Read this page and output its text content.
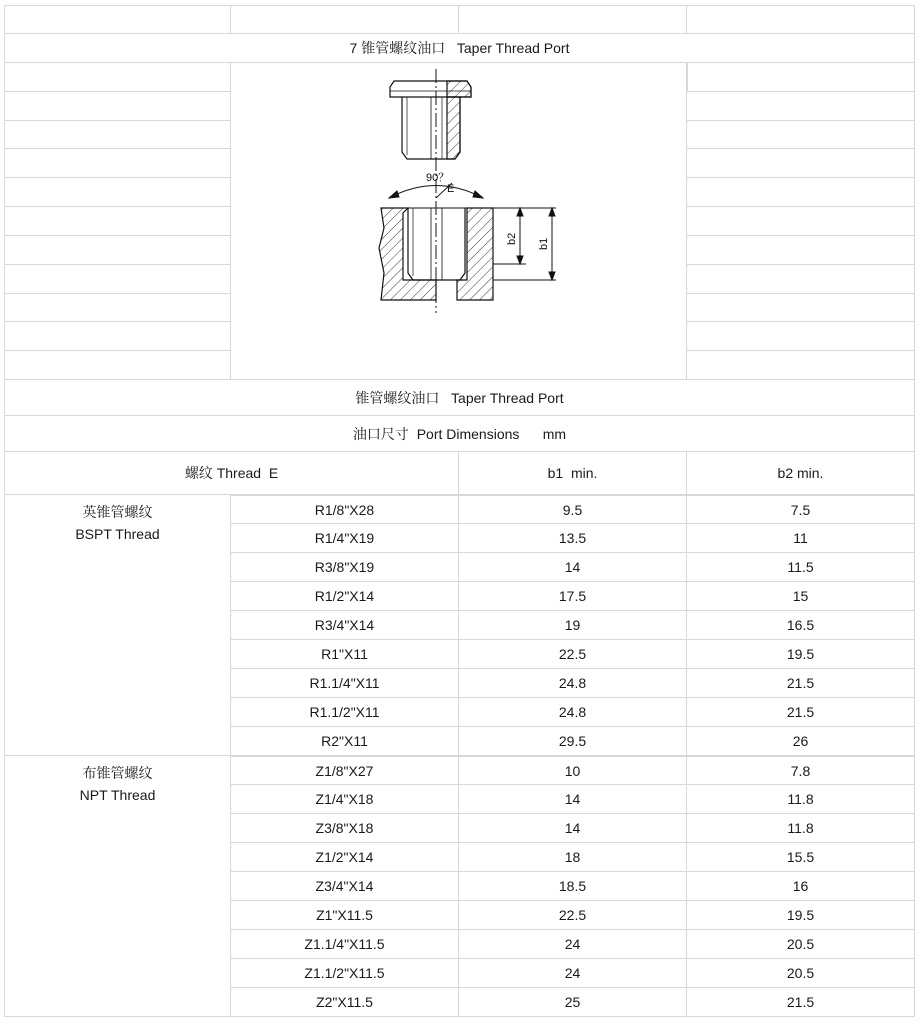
7 锥管螺纹油口   Taper Thread Port
90？
E
b2 b1
锥管螺纹油口   Taper Thread Port
油口尺寸  Port Dimensions      mm
螺纹 Thread  E	b1  min.	b2 min.
英锥管螺纹
BSPT Thread
R1/8"X28	9.5	7.5
R1/4"X19	13.5	11
R3/8"X19	14	11.5
R1/2"X14	17.5	15
R3/4"X14	19	16.5
R1"X11	22.5	19.5
R1.1/4"X11	24.8	21.5
R1.1/2"X11	24.8	21.5
R2"X11	29.5	26
布锥管螺纹
NPT Thread
Z1/8"X27	10	7.8
Z1/4"X18	14	11.8
Z3/8"X18	14	11.8
Z1/2"X14	18	15.5
Z3/4"X14	18.5	16
Z1"X11.5	22.5	19.5
Z1.1/4"X11.5	24	20.5
Z1.1/2"X11.5	24	20.5
Z2"X11.5	25	21.5
